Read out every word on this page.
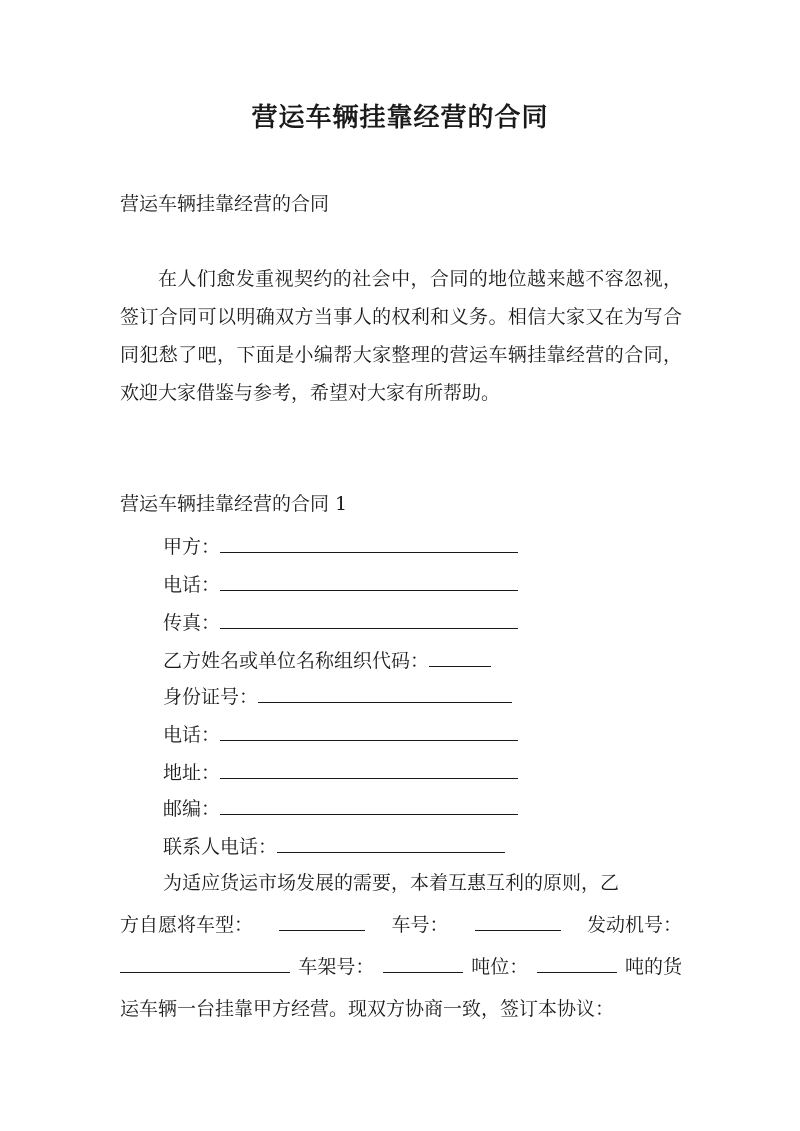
营运车辆挂靠经营的合同
营运车辆挂靠经营的合同

在人们愈发重视契约的社会中，合同的地位越来越不容忽视，签订合同可以明确双方当事人的权利和义务。相信大家又在为写合同犯愁了吧，下面是小编帮大家整理的营运车辆挂靠经营的合同，欢迎大家借鉴与参考，希望对大家有所帮助。

营运车辆挂靠经营的合同 1
甲方：
电话：
传真：
乙方姓名或单位名称组织代码：
身份证号：
电话：
地址：
邮编：
联系人电话：
为适应货运市场发展的需要，本着互惠互利的原则，乙
方自愿将车型：	车号：	发动机号：
车架号：	吨位：	吨的货
运车辆一台挂靠甲方经营。现双方协商一致，签订本协议：
